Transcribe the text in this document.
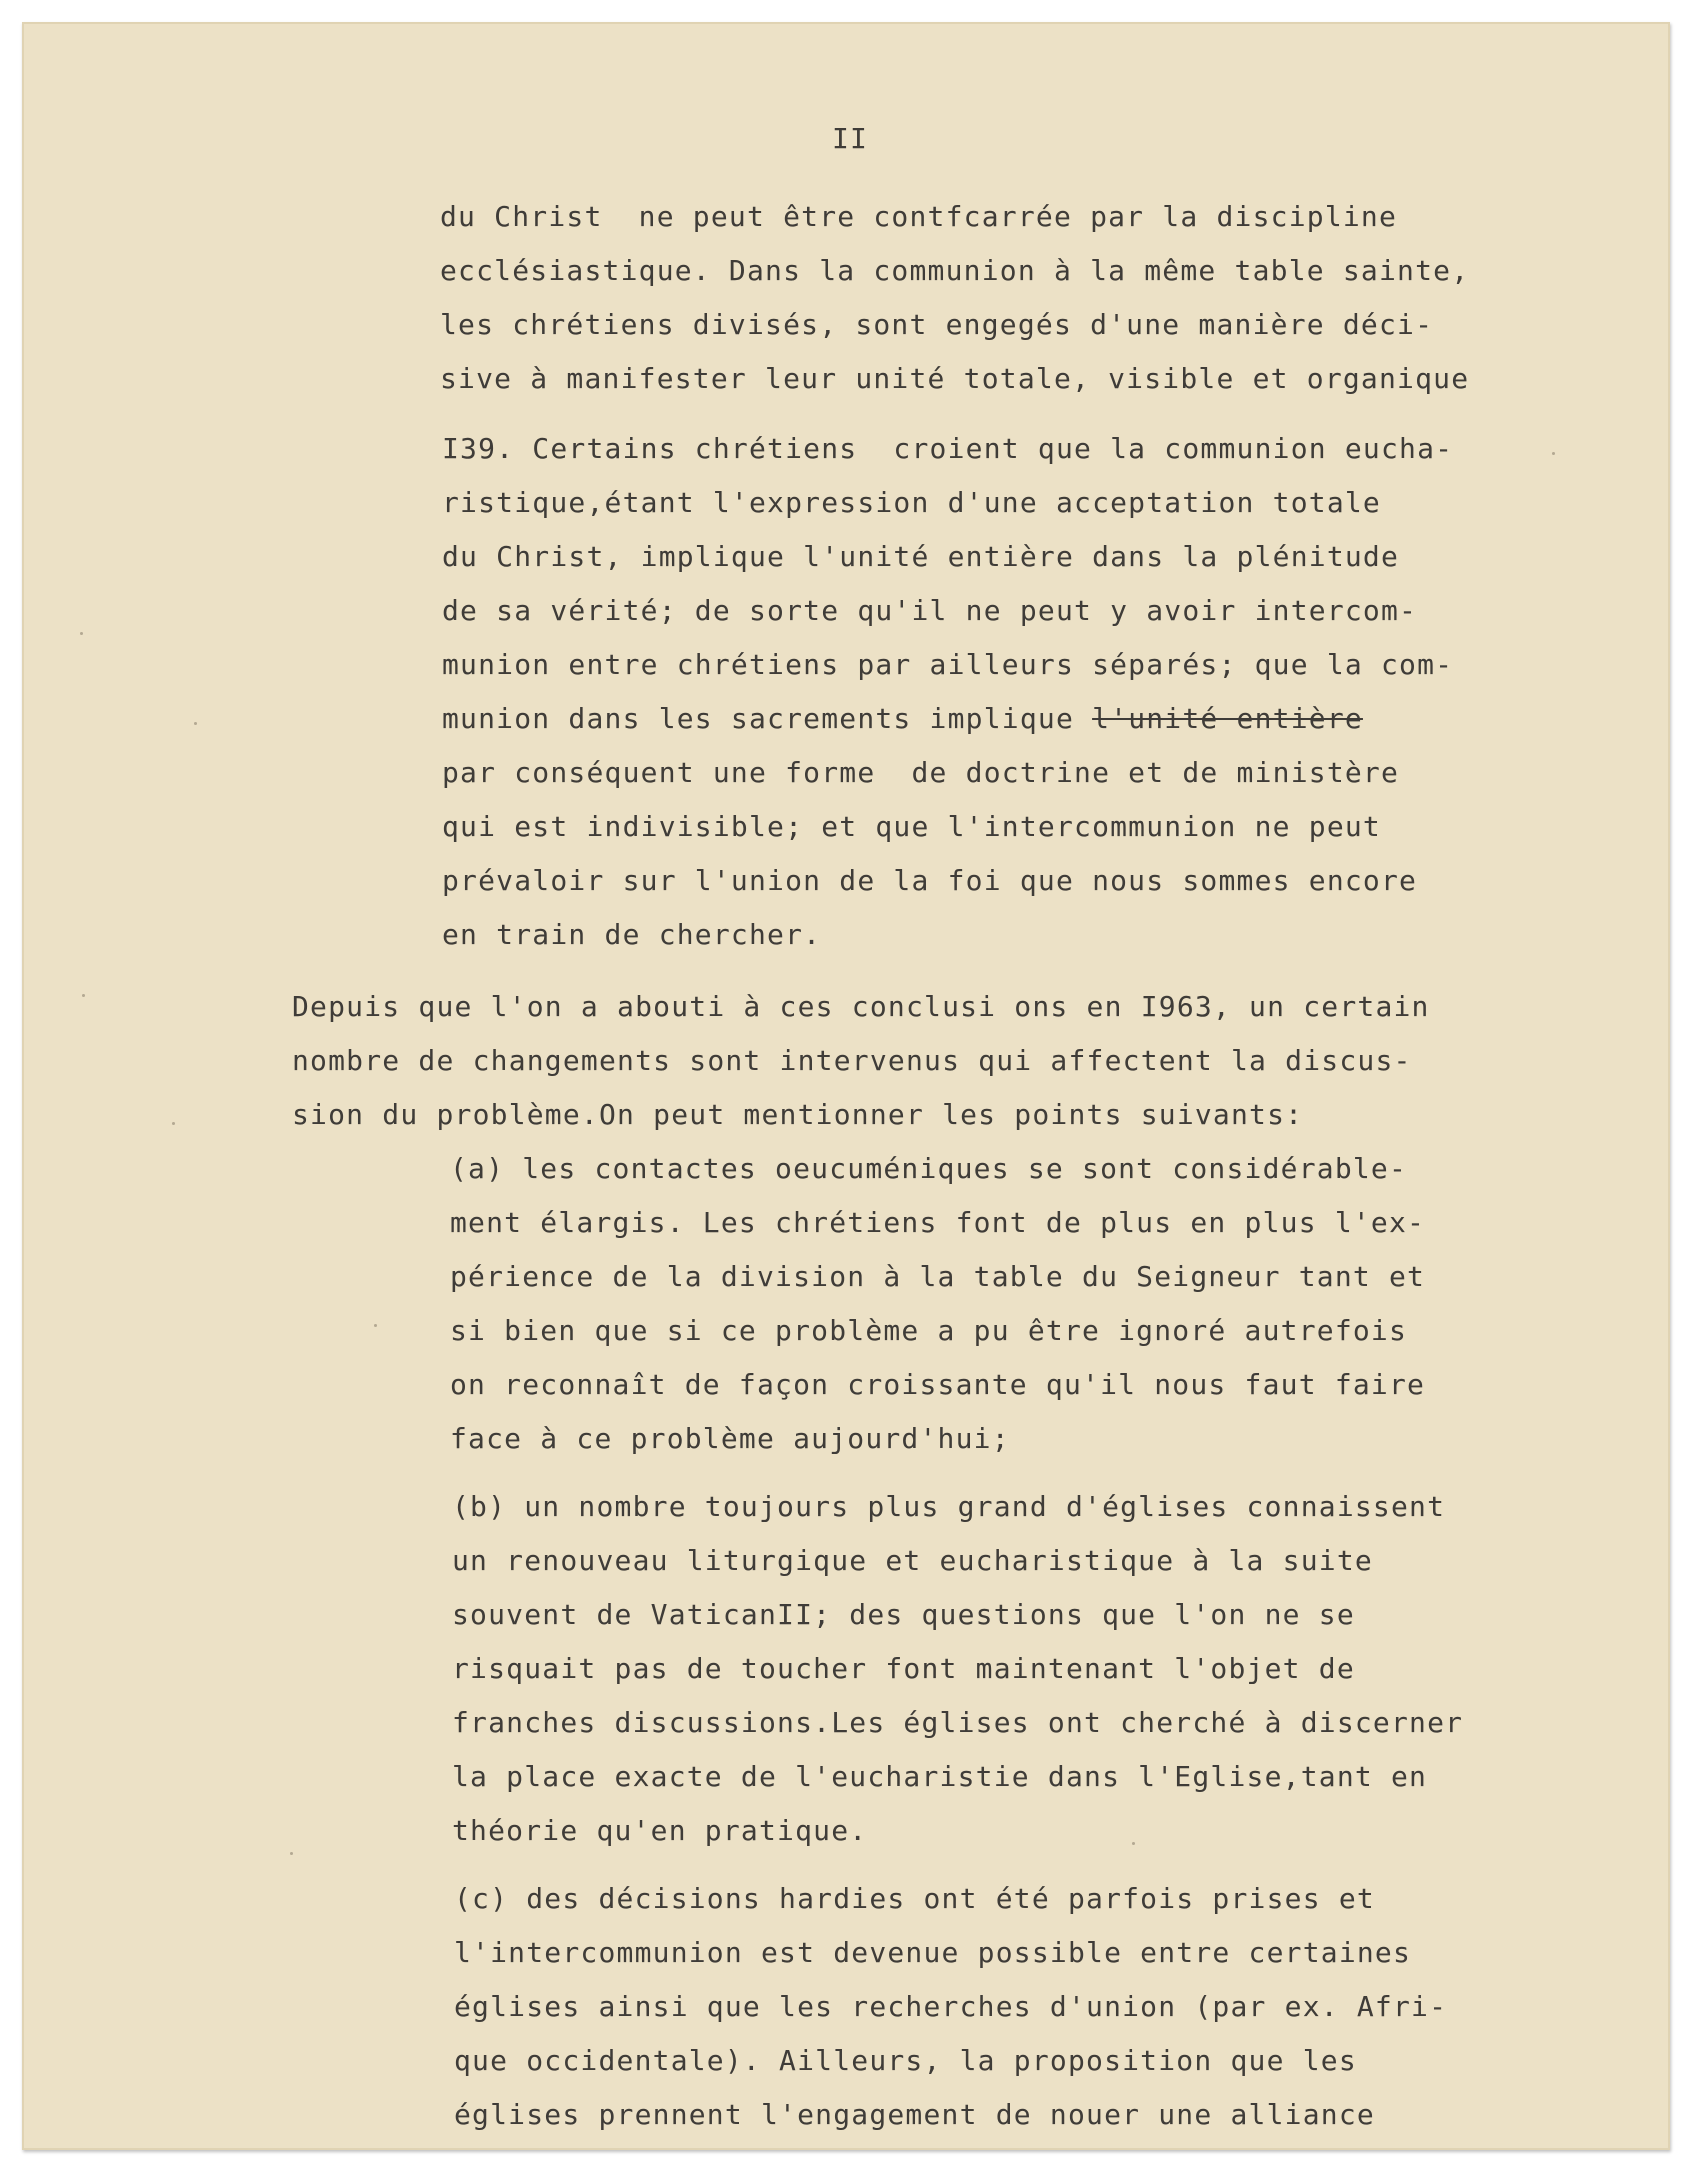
II
du Christ  ne peut être contfcarrée par la discipline
ecclésiastique. Dans la communion à la même table sainte,
les chrétiens divisés, sont engegés d'une manière déci-
sive à manifester leur unité totale, visible et organique
I39. Certains chrétiens  croient que la communion eucha-
ristique,étant l'expression d'une acceptation totale
du Christ, implique l'unité entière dans la plénitude
de sa vérité; de sorte qu'il ne peut y avoir intercom-
munion entre chrétiens par ailleurs séparés; que la com-
munion dans les sacrements implique l'unité entière
par conséquent une forme  de doctrine et de ministère
qui est indivisible; et que l'intercommunion ne peut
prévaloir sur l'union de la foi que nous sommes encore
en train de chercher.
Depuis que l'on a abouti à ces conclusi ons en I963, un certain
nombre de changements sont intervenus qui affectent la discus-
sion du problème.On peut mentionner les points suivants:
(a) les contactes oeucuméniques se sont considérable-
ment élargis. Les chrétiens font de plus en plus l'ex-
périence de la division à la table du Seigneur tant et
si bien que si ce problème a pu être ignoré autrefois
on reconnaît de façon croissante qu'il nous faut faire
face à ce problème aujourd'hui;
(b) un nombre toujours plus grand d'églises connaissent
un renouveau liturgique et eucharistique à la suite
souvent de VaticanII; des questions que l'on ne se
risquait pas de toucher font maintenant l'objet de
franches discussions.Les églises ont cherché à discerner
la place exacte de l'eucharistie dans l'Eglise,tant en
théorie qu'en pratique.
(c) des décisions hardies ont été parfois prises et
l'intercommunion est devenue possible entre certaines
églises ainsi que les recherches d'union (par ex. Afri-
que occidentale). Ailleurs, la proposition que les
églises prennent l'engagement de nouer une alliance
